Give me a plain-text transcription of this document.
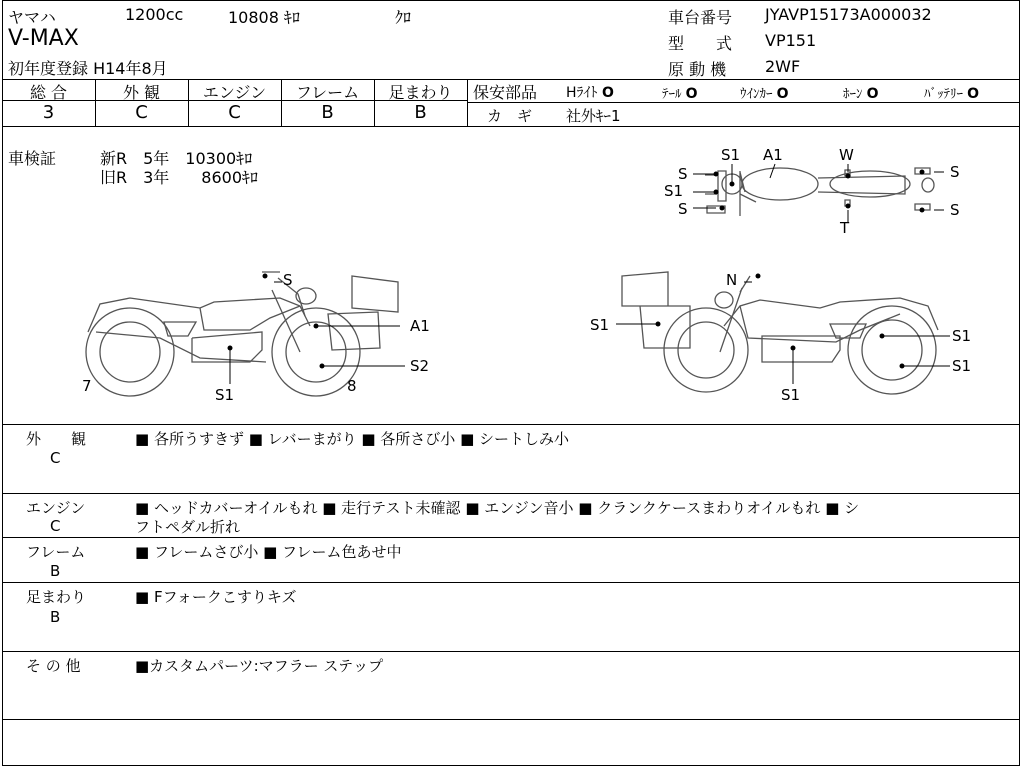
ヤマハ	1200cc	10808 ｷﾛ	ｸﾛ
V-MAX
初年度登録 H14年8月
車台番号 JYAVP15173A000032
型　　式 VP151
原 動 機 2WF
総 合	外 観	エンジン	フレーム	足まわり
3	C	C	B	B
保安部品 Hﾗｲﾄ O	ﾃｰﾙ O	ｳｲﾝｶｰ O	ﾎｰﾝ O	ﾊﾞｯﾃﾘｰ O
カ　ギ 社外ｷｰ1
車検証	新R　5年　10300ｷﾛ
旧R　3年　　8600ｷﾛ	S
S1 A1	W
S
S1
S	S
T
S
A1
S2
7	8
S1
N
S1
S1
S1
S1
外　　観
C
■ 各所うすきず ■ レバーまがり ■ 各所さび小 ■ シートしみ小
エンジン
C
■ ヘッドカバーオイルもれ ■ 走行テスト未確認 ■ エンジン音小 ■ クランクケースまわりオイルもれ ■ シ
フトペダル折れ
フレーム
B
■ フレームさび小 ■ フレーム色あせ中
足まわり
B
■ Fフォークこすりキズ
そ の 他	■カスタムパーツ:マフラー ステップ
